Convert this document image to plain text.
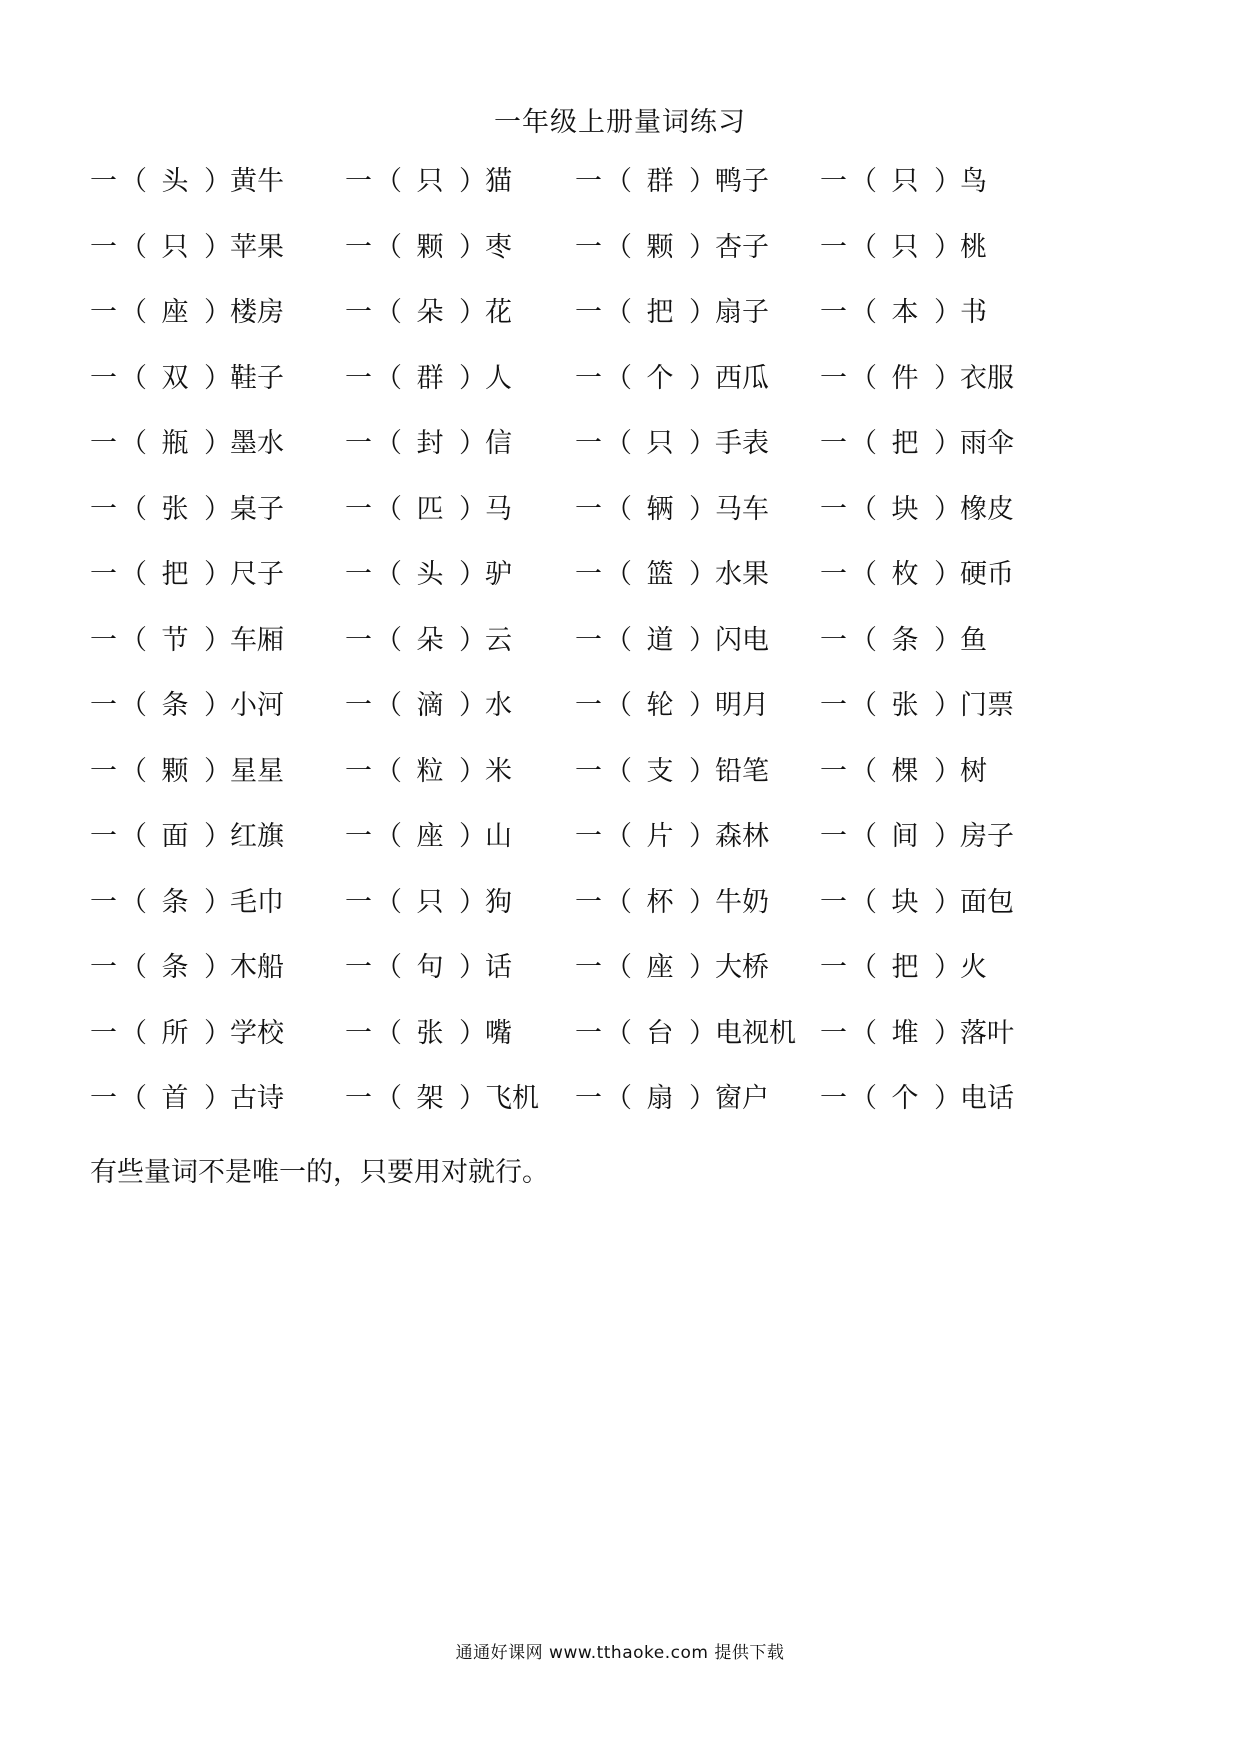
一年级上册量词练习
一 （ 头 ） 黄牛 一 （ 只 ） 猫 一 （ 群 ） 鸭子 一 （ 只 ） 鸟
一 （ 只 ） 苹果 一 （ 颗 ） 枣 一 （ 颗 ） 杏子 一 （ 只 ） 桃
一 （ 座 ） 楼房 一 （ 朵 ） 花 一 （ 把 ） 扇子 一 （ 本 ） 书
一 （ 双 ） 鞋子 一 （ 群 ） 人 一 （ 个 ） 西瓜 一 （ 件 ） 衣服
一 （ 瓶 ） 墨水 一 （ 封 ） 信 一 （ 只 ） 手表 一 （ 把 ） 雨伞
一 （ 张 ） 桌子 一 （ 匹 ） 马 一 （ 辆 ） 马车 一 （ 块 ） 橡皮
一 （ 把 ） 尺子 一 （ 头 ） 驴 一 （ 篮 ） 水果 一 （ 枚 ） 硬币
一 （ 节 ） 车厢 一 （ 朵 ） 云 一 （ 道 ） 闪电 一 （ 条 ） 鱼
一 （ 条 ） 小河 一 （ 滴 ） 水 一 （ 轮 ） 明月 一 （ 张 ） 门票
一 （ 颗 ） 星星 一 （ 粒 ） 米 一 （ 支 ） 铅笔 一 （ 棵 ） 树
一 （ 面 ） 红旗 一 （ 座 ） 山 一 （ 片 ） 森林 一 （ 间 ） 房子
一 （ 条 ） 毛巾 一 （ 只 ） 狗 一 （ 杯 ） 牛奶 一 （ 块 ） 面包
一 （ 条 ） 木船 一 （ 句 ） 话 一 （ 座 ） 大桥 一 （ 把 ） 火
一 （ 所 ） 学校 一 （ 张 ） 嘴 一 （ 台 ） 电视机 一 （ 堆 ） 落叶
一 （ 首 ） 古诗 一 （ 架 ） 飞机 一 （ 扇 ） 窗户 一 （ 个 ） 电话
有些量词不是唯一的，只要用对就行。
通通好课网 www.tthaoke.com 提供下载
